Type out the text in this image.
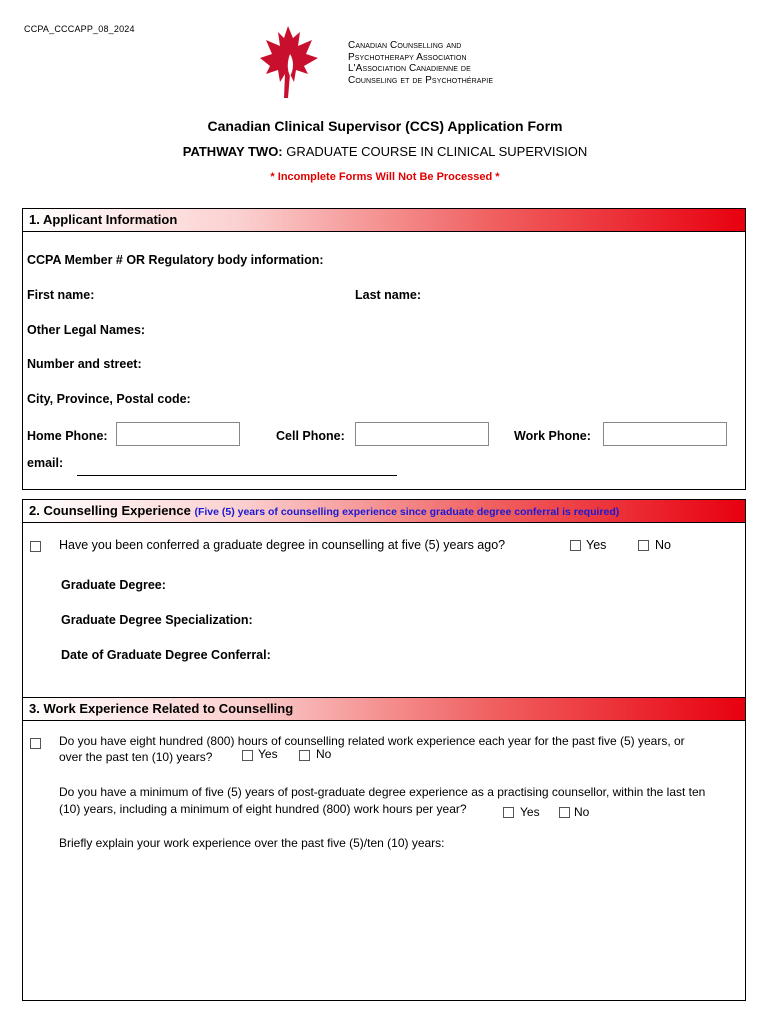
CCPA_CCCAPP_08_2024
Canadian Counselling and
Psychotherapy Association
L'Association Canadienne de
Counseling et de Psychothérapie
Canadian Clinical Supervisor (CCS) Application Form
PATHWAY TWO: GRADUATE COURSE IN CLINICAL SUPERVISION
* Incomplete Forms Will Not Be Processed *
1. Applicant Information
CCPA Member # OR Regulatory body information:
First name:	Last name:
Other Legal Names:
Number and street:
City, Province, Postal code:
Home Phone:	Cell Phone:	Work Phone:
email:
2. Counselling Experience (Five (5) years of counselling experience since graduate degree conferral is required)
Have you been conferred a graduate degree in counselling at five (5) years ago?	Yes	No
Graduate Degree:
Graduate Degree Specialization:
Date of Graduate Degree Conferral:
3. Work Experience Related to Counselling
Do you have eight hundred (800) hours of counselling related work experience each year for the past five (5) years, or
over the past ten (10) years?	Yes	No
Do you have a minimum of five (5) years of post-graduate degree experience as a practising counsellor, within the last ten
(10) years, including a minimum of eight hundred (800) work hours per year?	Yes	No
Briefly explain your work experience over the past five (5)/ten (10) years:
